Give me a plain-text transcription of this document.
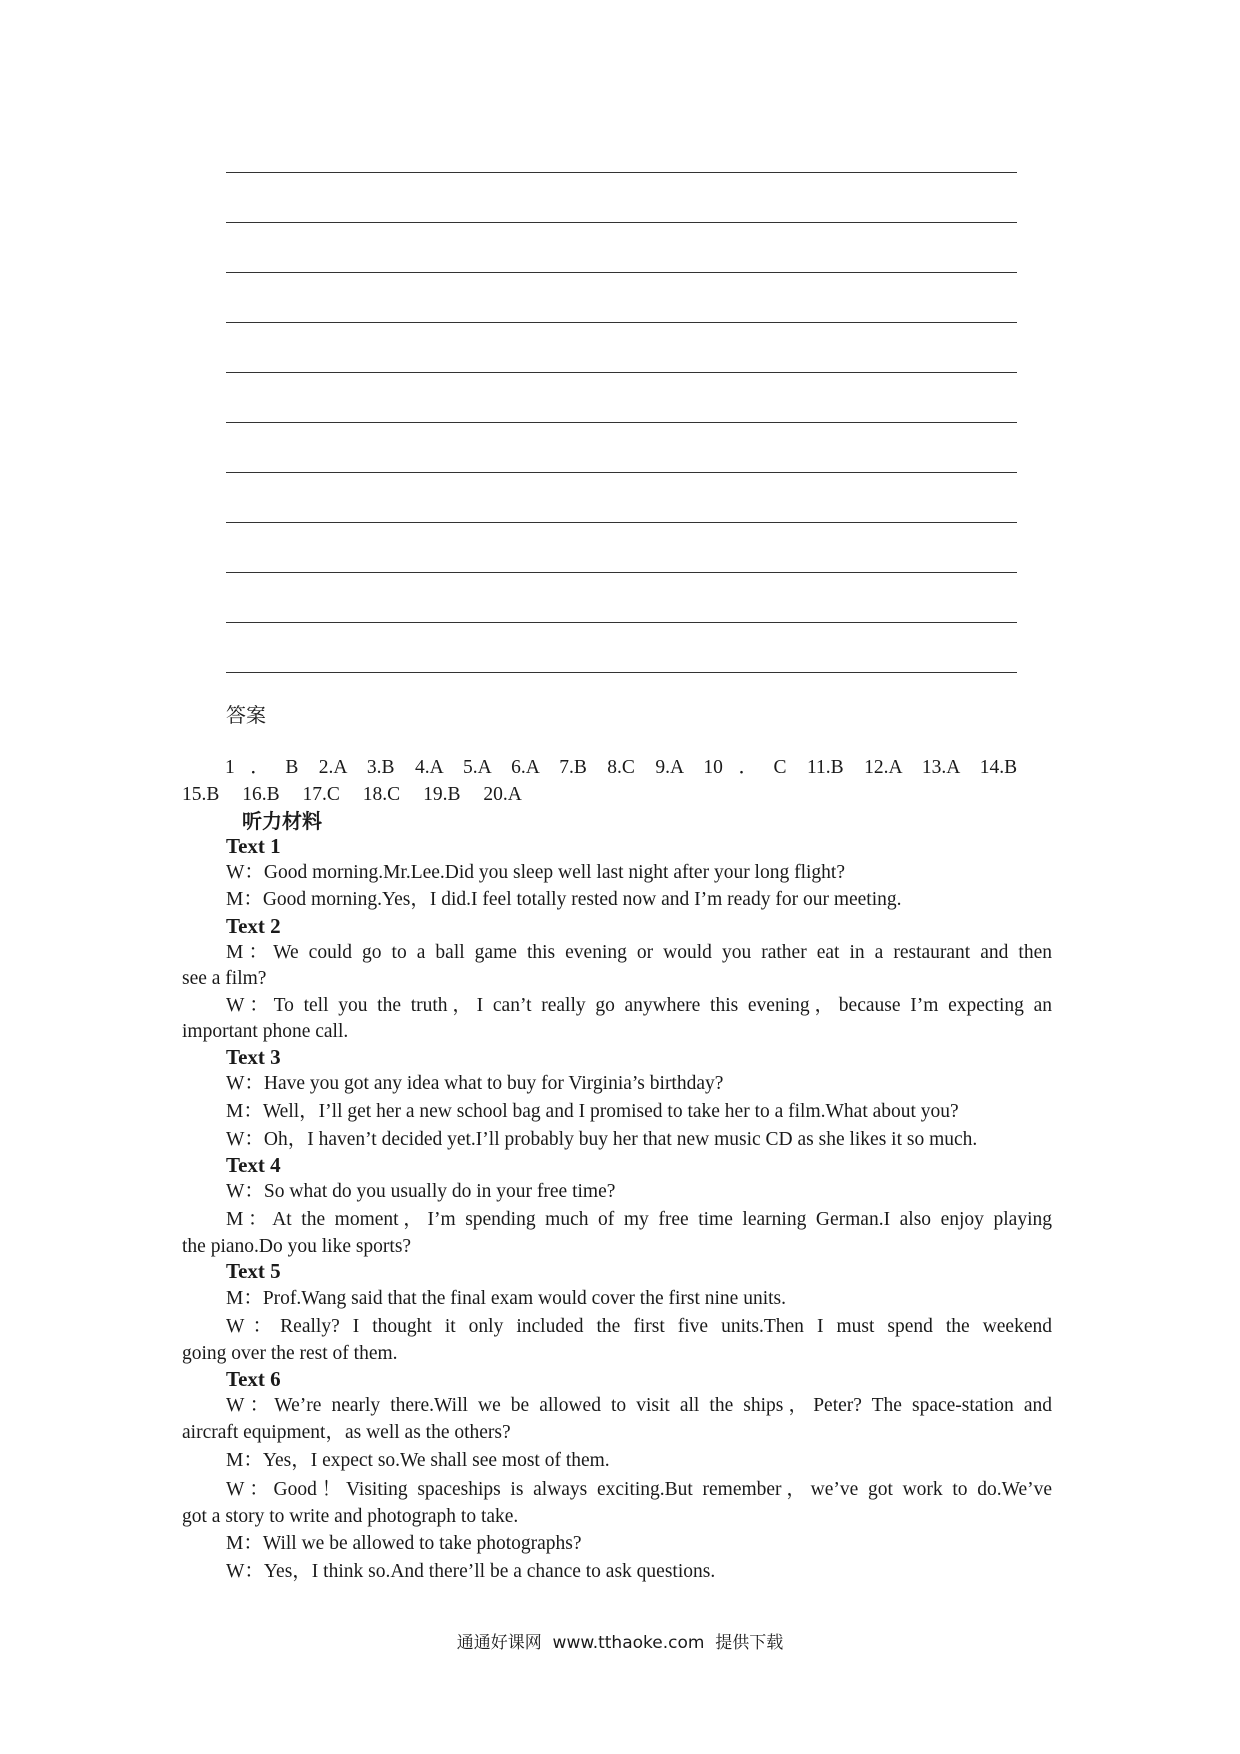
答案
1．B 2.A 3.B 4.A 5.A 6.A 7.B 8.C 9.A 10．C 11.B 12.A 13.A 14.B
15.B 16.B 17.C 18.C 19.B 20.A
听力材料
Text 1
W：Good morning.Mr.Lee.Did you sleep well last night after your long flight?
M：Good morning.Yes，I did.I feel totally rested now and I’m ready for our meeting.
Text 2
M：We could go to a ball game this evening or would you rather eat in a restaurant and then
see a film?
W：To tell you the truth，I can’t really go anywhere this evening，because I’m expecting an
important phone call.
Text 3
W：Have you got any idea what to buy for Virginia’s birthday?
M：Well，I’ll get her a new school bag and I promised to take her to a film.What about you?
W：Oh，I haven’t decided yet.I’ll probably buy her that new music CD as she likes it so much.
Text 4
W：So what do you usually do in your free time?
M：At the moment，I’m spending much of my free time learning German.I also enjoy playing
the piano.Do you like sports?
Text 5
M：Prof.Wang said that the final exam would cover the first nine units.
W：Really? I thought it only included the first five units.Then I must spend the weekend
going over the rest of them.
Text 6
W：We’re nearly there.Will we be allowed to visit all the ships，Peter? The space-station and
aircraft equipment，as well as the others?
M：Yes，I expect so.We shall see most of them.
W：Good！Visiting spaceships is always exciting.But remember，we’ve got work to do.We’ve
got a story to write and photograph to take.
M：Will we be allowed to take photographs?
W：Yes，I think so.And there’ll be a chance to ask questions.
通通好课网  www.tthaoke.com  提供下载
